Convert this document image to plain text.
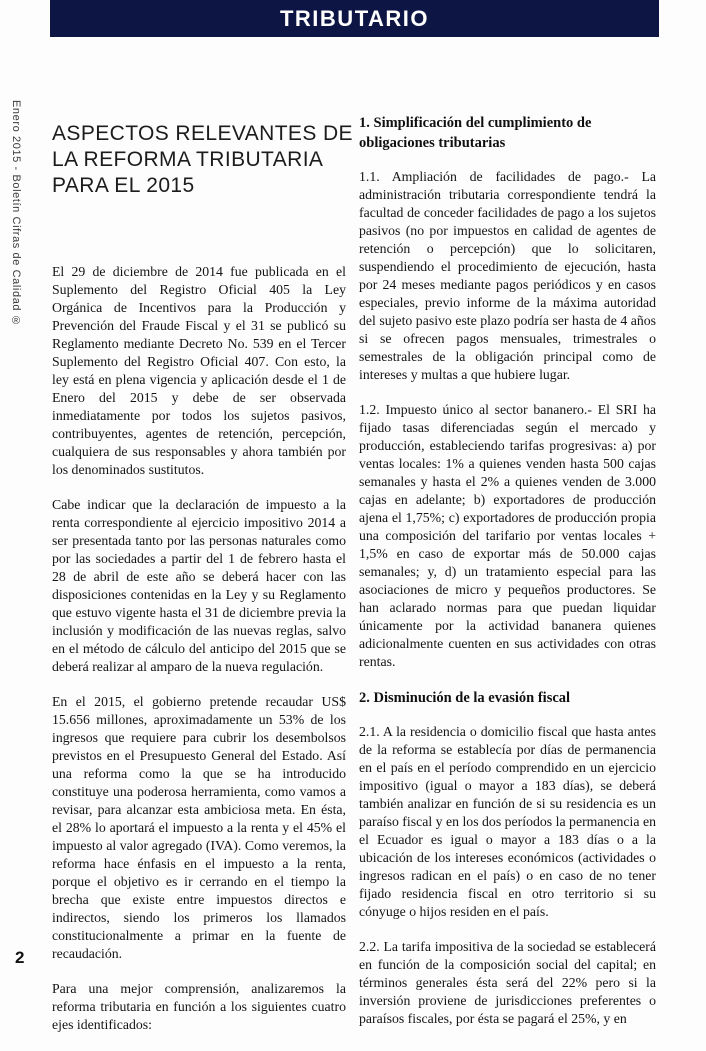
TRIBUTARIO
Enero 2015 - Boletín Cifras de Calidad ®
2
ASPECTOS RELEVANTES DE
LA REFORMA TRIBUTARIA
PARA EL 2015

El 29 de diciembre de 2014 fue publicada en el Suplemento del Registro Oficial 405 la Ley Orgánica de Incentivos para la Producción y Prevención del Fraude Fiscal y el 31 se publicó su Reglamento mediante Decreto No. 539 en el Tercer Suplemento del Registro Oficial 407. Con esto, la ley está en plena vigencia y aplicación desde el 1 de Enero del 2015 y debe de ser observada inmediatamente por todos los sujetos pasivos, contribuyentes, agentes de retención, percepción, cualquiera de sus responsables y ahora también por los denominados sustitutos.

Cabe indicar que la declaración de impuesto a la renta correspondiente al ejercicio impositivo 2014 a ser presentada tanto por las personas naturales como por las sociedades a partir del 1 de febrero hasta el 28 de abril de este año se deberá hacer con las disposiciones contenidas en la Ley y su Reglamento que estuvo vigente hasta el 31 de diciembre previa la inclusión y modificación de las nuevas reglas, salvo en el método de cálculo del anticipo del 2015 que se deberá realizar al amparo de la nueva regulación.

En el 2015, el gobierno pretende recaudar US$ 15.656 millones, aproximadamente un 53% de los ingresos que requiere para cubrir los desembolsos previstos en el Presupuesto General del Estado. Así una reforma como la que se ha introducido constituye una poderosa herramienta, como vamos a revisar, para alcanzar esta ambiciosa meta. En ésta, el 28% lo aportará el impuesto a la renta y el 45% el impuesto al valor agregado (IVA). Como veremos, la reforma hace énfasis en el impuesto a la renta, porque el objetivo es ir cerrando en el tiempo la brecha que existe entre impuestos directos e indirectos, siendo los primeros los llamados constitucionalmente a primar en la fuente de recaudación.

Para una mejor comprensión, analizaremos la reforma tributaria en función a los siguientes cuatro ejes identificados:

1. Simplificación del cumplimiento de obligaciones tributarias

1.1. Ampliación de facilidades de pago.- La administración tributaria correspondiente tendrá la facultad de conceder facilidades de pago a los sujetos pasivos (no por impuestos en calidad de agentes de retención o percepción) que lo solicitaren, suspendiendo el procedimiento de ejecución, hasta por 24 meses mediante pagos periódicos y en casos especiales, previo informe de la máxima autoridad del sujeto pasivo este plazo podría ser hasta de 4 años si se ofrecen pagos mensuales, trimestrales o semestrales de la obligación principal como de intereses y multas a que hubiere lugar.

1.2. Impuesto único al sector bananero.- El SRI ha fijado tasas diferenciadas según el mercado y producción, estableciendo tarifas progresivas: a) por ventas locales: 1% a quienes venden hasta 500 cajas semanales y hasta el 2% a quienes venden de 3.000 cajas en adelante; b) exportadores de producción ajena el 1,75%; c) exportadores de producción propia una composición del tarifario por ventas locales + 1,5% en caso de exportar más de 50.000 cajas semanales; y, d) un tratamiento especial para las asociaciones de micro y pequeños productores. Se han aclarado normas para que puedan liquidar únicamente por la actividad bananera quienes adicionalmente cuenten en sus actividades con otras rentas.

2. Disminución de la evasión fiscal

2.1. A la residencia o domicilio fiscal que hasta antes de la reforma se establecía por días de permanencia en el país en el período comprendido en un ejercicio impositivo (igual o mayor a 183 días), se deberá también analizar en función de si su residencia es un paraíso fiscal y en los dos períodos la permanencia en el Ecuador es igual o mayor a 183 días o a la ubicación de los intereses económicos (actividades o ingresos radican en el país) o en caso de no tener fijado residencia fiscal en otro territorio si su cónyuge o hijos residen en el país.

2.2. La tarifa impositiva de la sociedad se establecerá en función de la composición social del capital; en términos generales ésta será del 22% pero si la inversión proviene de jurisdicciones preferentes o paraísos fiscales, por ésta se pagará el 25%, y en
